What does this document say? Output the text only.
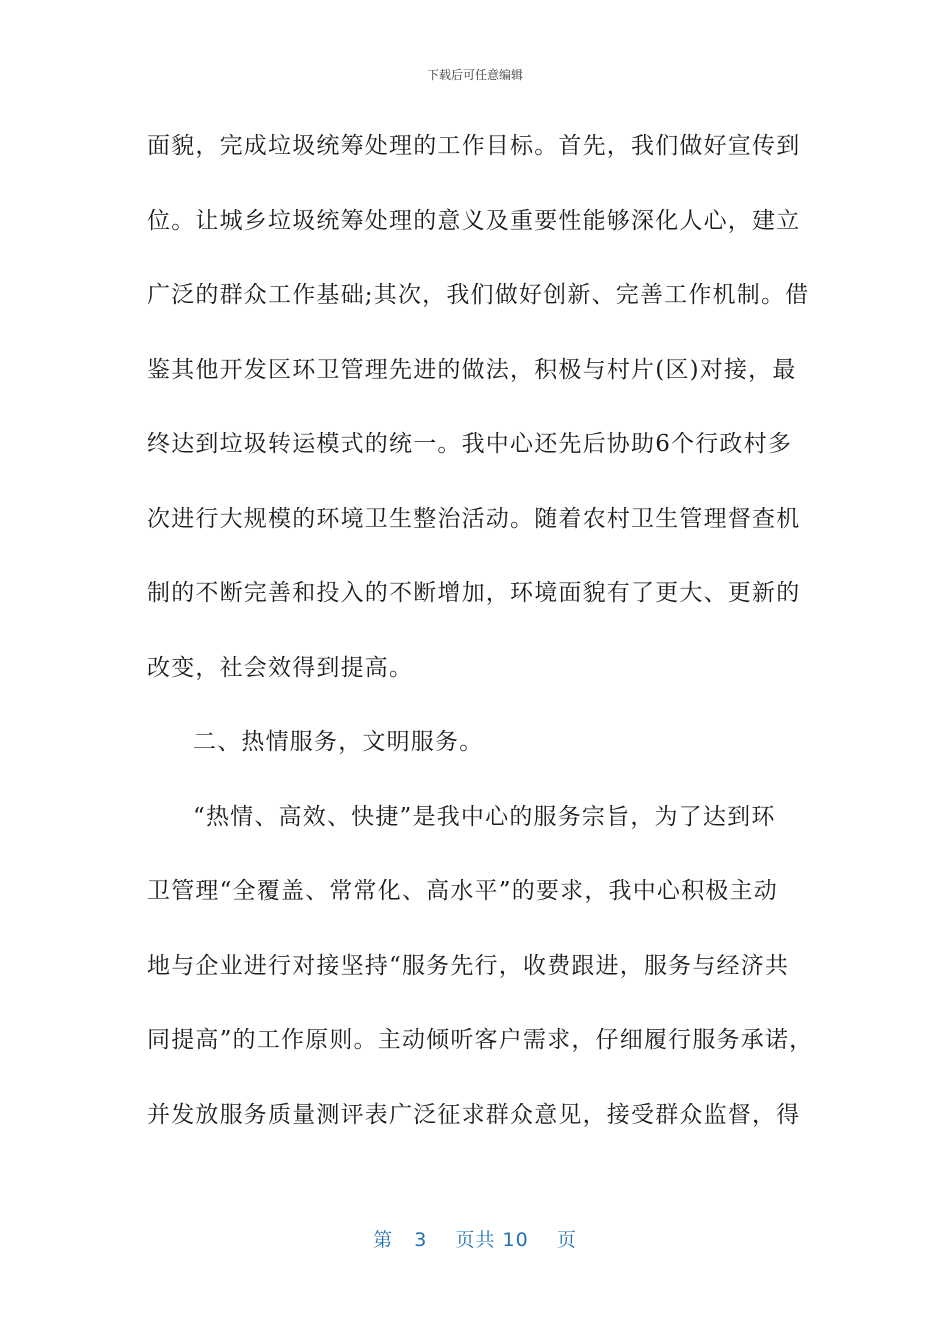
下载后可任意编辑
面貌，完成垃圾统筹处理的工作目标。首先，我们做好宣传到
位。让城乡垃圾统筹处理的意义及重要性能够深化人心，建立
广泛的群众工作基础;其次，我们做好创新、完善工作机制。借
鉴其他开发区环卫管理先进的做法，积极与村片(区)对接，最
终达到垃圾转运模式的统一。我中心还先后协助6个行政村多
次进行大规模的环境卫生整治活动。随着农村卫生管理督查机
制的不断完善和投入的不断增加，环境面貌有了更大、更新的
改变，社会效得到提高。
二、热情服务，文明服务。
“热情、高效、快捷”是我中心的服务宗旨，为了达到环
卫管理“全覆盖、常常化、高水平”的要求，我中心积极主动
地与企业进行对接坚持“服务先行，收费跟进，服务与经济共
同提高”的工作原则。主动倾听客户需求，仔细履行服务承诺，
并发放服务质量测评表广泛征求群众意见，接受群众监督，得
第 3 页共 10 页
